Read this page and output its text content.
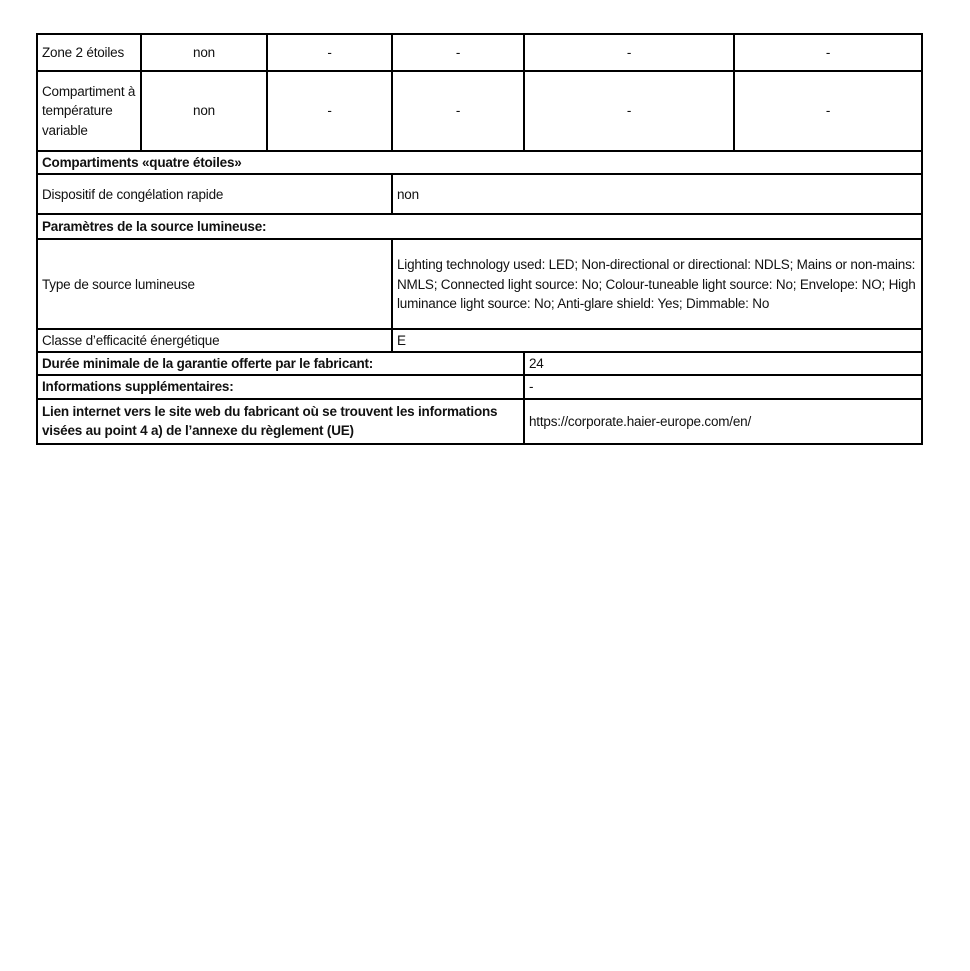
Zone 2 étoiles	non	-	-	-	-
Compartiment à température variable	non	-	-	-	-
Compartiments «quatre étoiles»					
Dispositif de congélation rapide			non		
Paramètres de la source lumineuse:					
Type de source lumineuse			Lighting technology used: LED; Non-directional or directional: NDLS; Mains or non-mains: NMLS; Connected light source: No; Colour-tuneable light source: No; Envelope: NO; High luminance light source: No; Anti-glare shield: Yes; Dimmable: No		
Classe d’efficacité énergétique			E		
Durée minimale de la garantie offerte par le fabricant:				24	
Informations supplémentaires:				-	
Lien internet vers le site web du fabricant où se trouvent les informations visées au point 4 a) de l’annexe du règlement (UE)				https://corporate.haier-europe.com/en/	
